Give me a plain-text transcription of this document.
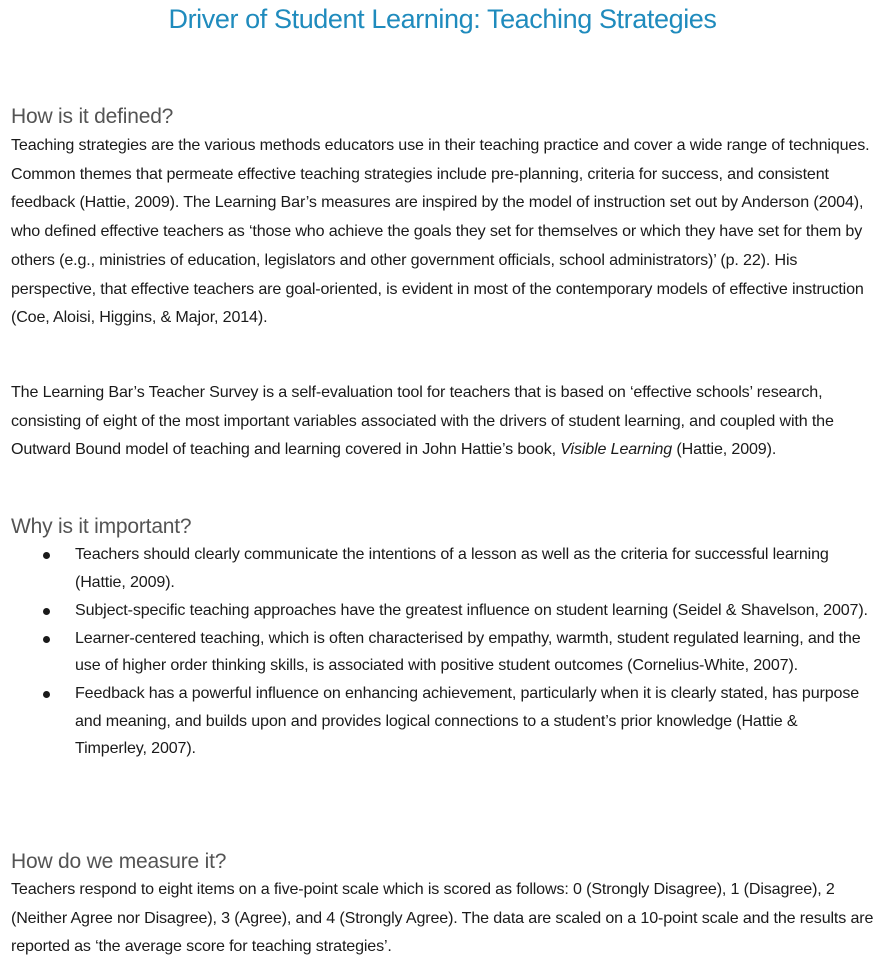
Driver of Student Learning: Teaching Strategies
How is it defined?

Teaching strategies are the various methods educators use in their teaching practice and cover a wide range of techniques. Common themes that permeate effective teaching strategies include pre-planning, criteria for success, and consistent feedback (Hattie, 2009). The Learning Bar’s measures are inspired by the model of instruction set out by Anderson (2004), who defined effective teachers as ‘those who achieve the goals they set for themselves or which they have set for them by others (e.g., ministries of education, legislators and other government officials, school administrators)’ (p. 22). His perspective, that effective teachers are goal-oriented, is evident in most of the contemporary models of effective instruction (Coe, Aloisi, Higgins, & Major, 2014).

The Learning Bar’s Teacher Survey is a self-evaluation tool for teachers that is based on ‘effective schools’ research, consisting of eight of the most important variables associated with the drivers of student learning, and coupled with the Outward Bound model of teaching and learning covered in John Hattie’s book, Visible Learning (Hattie, 2009).

Why is it important?
Teachers should clearly communicate the intentions of a lesson as well as the criteria for successful learning (Hattie, 2009).
Subject-specific teaching approaches have the greatest influence on student learning (Seidel & Shavelson, 2007).
Learner-centered teaching, which is often characterised by empathy, warmth, student regulated learning, and the use of higher order thinking skills, is associated with positive student outcomes (Cornelius-White, 2007).
Feedback has a powerful influence on enhancing achievement, particularly when it is clearly stated, has purpose and meaning, and builds upon and provides logical connections to a student’s prior knowledge (Hattie & Timperley, 2007).
How do we measure it?

Teachers respond to eight items on a five-point scale which is scored as follows: 0 (Strongly Disagree), 1 (Disagree), 2 (Neither Agree nor Disagree), 3 (Agree), and 4 (Strongly Agree). The data are scaled on a 10-point scale and the results are reported as ‘the average score for teaching strategies’.
